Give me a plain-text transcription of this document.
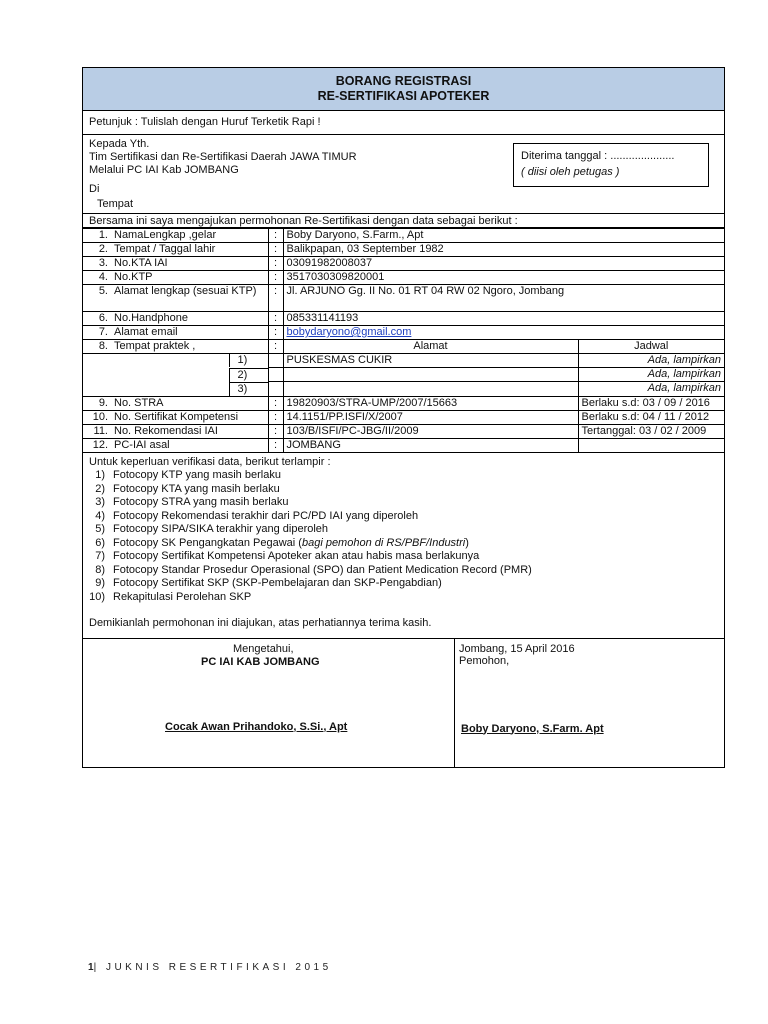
BORANG REGISTRASI
RE-SERTIFIKASI APOTEKER
Petunjuk : Tulislah dengan Huruf Terketik Rapi !
Kepada Yth.
Tim Sertifikasi dan Re-Sertifikasi Daerah JAWA TIMUR
Melalui PC IAI Kab JOMBANG
Di
Tempat
Diterima tanggal : .....................
( diisi oleh petugas )
Bersama ini saya mengajukan permohonan Re-Sertifikasi dengan data sebagai berikut :
1. NamaLengkap ,gelar	:	Boby Daryono, S.Farm., Apt	
2. Tempat / Taggal lahir	:	Balikpapan, 03 September 1982	
3. No.KTA IAI	:	03091982008037	
4. No.KTP	:	3517030309820001	
5. Alamat lengkap (sesuai KTP)	:	Jl. ARJUNO Gg. II No. 01 RT 04 RW 02 Ngoro, Jombang	
6. No.Handphone	:	085331141193	
7. Alamat email	:	bobydaryono@gmail.com	
8. Tempat praktek ,	:	Alamat	Jadwal

1)		PUSKESMAS CUKIR	Ada, lampirkan

2)			Ada, lampirkan

3)			Ada, lampirkan
9. No. STRA	:	19820903/STRA-UMP/2007/15663	Berlaku s.d: 03 / 09 / 2016
10. No. Sertifikat Kompetensi	:	14.1151/PP.ISFI/X/2007	Berlaku s.d: 04 / 11 / 2012
11. No. Rekomendasi IAI	:	103/B/ISFI/PC-JBG/II/2009	Tertanggal: 03 / 02 / 2009
12. PC-IAI asal	:	JOMBANG	
Untuk keperluan verifikasi data, berikut terlampir :
1) Fotocopy KTP yang masih berlaku
2) Fotocopy KTA yang masih berlaku
3) Fotocopy STRA yang masih berlaku
4) Fotocopy Rekomendasi terakhir dari PC/PD IAI yang diperoleh
5) Fotocopy SIPA/SIKA terakhir yang diperoleh
6) Fotocopy SK Pengangkatan Pegawai (bagi pemohon di RS/PBF/Industri)
7) Fotocopy Sertifikat Kompetensi Apoteker akan atau habis masa berlakunya
8) Fotocopy Standar Prosedur Operasional (SPO) dan Patient Medication Record (PMR)
9) Fotocopy Sertifikat SKP (SKP-Pembelajaran dan SKP-Pengabdian)
10) Rekapitulasi Perolehan SKP
Demikianlah permohonan ini diajukan, atas perhatiannya terima kasih.
Mengetahui,
PC IAI KAB JOMBANG
Cocak Awan Prihandoko, S.Si., Apt
Jombang, 15 April 2016
Pemohon,
Boby Daryono, S.Farm. Apt
1| JUKNIS RESERTIFIKASI 2015
